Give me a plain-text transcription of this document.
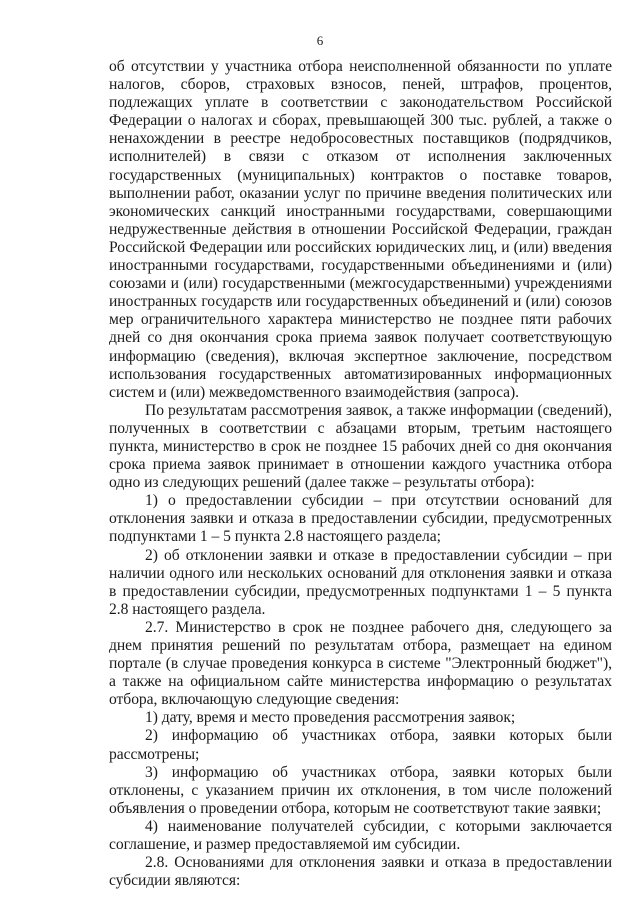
6

об отсутствии у участника отбора неисполненной обязанности по уплате налогов, сборов, страховых взносов, пеней, штрафов, процентов, подлежащих уплате в соответствии с законодательством Российской Федерации о налогах и сборах, превышающей 300 тыс. рублей, а также о ненахождении в реестре недобросовестных поставщиков (подрядчиков, исполнителей) в связи с отказом от исполнения заключенных государственных (муниципальных) контрактов о поставке товаров, выполнении работ, оказании услуг по причине введения политических или экономических санкций иностранными государствами, совершающими недружественные действия в отношении Российской Федерации, граждан Российской Федерации или российских юридических лиц, и (или) введения иностранными государствами, государственными объединениями и (или) союзами и (или) государственными (межгосударственными) учреждениями иностранных государств или государственных объединений и (или) союзов мер ограничительного характера министерство не позднее пяти рабочих дней со дня окончания срока приема заявок получает соответствующую информацию (сведения), включая экспертное заключение, посредством использования государственных автоматизированных информационных систем и (или) межведомственного взаимодействия (запроса).

По результатам рассмотрения заявок, а также информации (сведений), полученных в соответствии с абзацами вторым, третьим настоящего пункта, министерство в срок не позднее 15 рабочих дней со дня окончания срока приема заявок принимает в отношении каждого участника отбора одно из следующих решений (далее также – результаты отбора):

1) о предоставлении субсидии – при отсутствии оснований для отклонения заявки и отказа в предоставлении субсидии, предусмотренных подпунктами 1 – 5 пункта 2.8 настоящего раздела;

2) об отклонении заявки и отказе в предоставлении субсидии – при наличии одного или нескольких оснований для отклонения заявки и отказа в предоставлении субсидии, предусмотренных подпунктами 1 – 5 пункта 2.8 настоящего раздела.

2.7. Министерство в срок не позднее рабочего дня, следующего за днем принятия решений по результатам отбора, размещает на едином портале (в случае проведения конкурса в системе "Электронный бюджет"), а также на официальном сайте министерства информацию о результатах отбора, включающую следующие сведения:

1) дату, время и место проведения рассмотрения заявок;

2) информацию об участниках отбора, заявки которых были рассмотрены;

3) информацию об участниках отбора, заявки которых были отклонены, с указанием причин их отклонения, в том числе положений объявления о проведении отбора, которым не соответствуют такие заявки;

4) наименование получателей субсидии, с которыми заключается соглашение, и размер предоставляемой им субсидии.

2.8. Основаниями для отклонения заявки и отказа в предоставлении субсидии являются:
